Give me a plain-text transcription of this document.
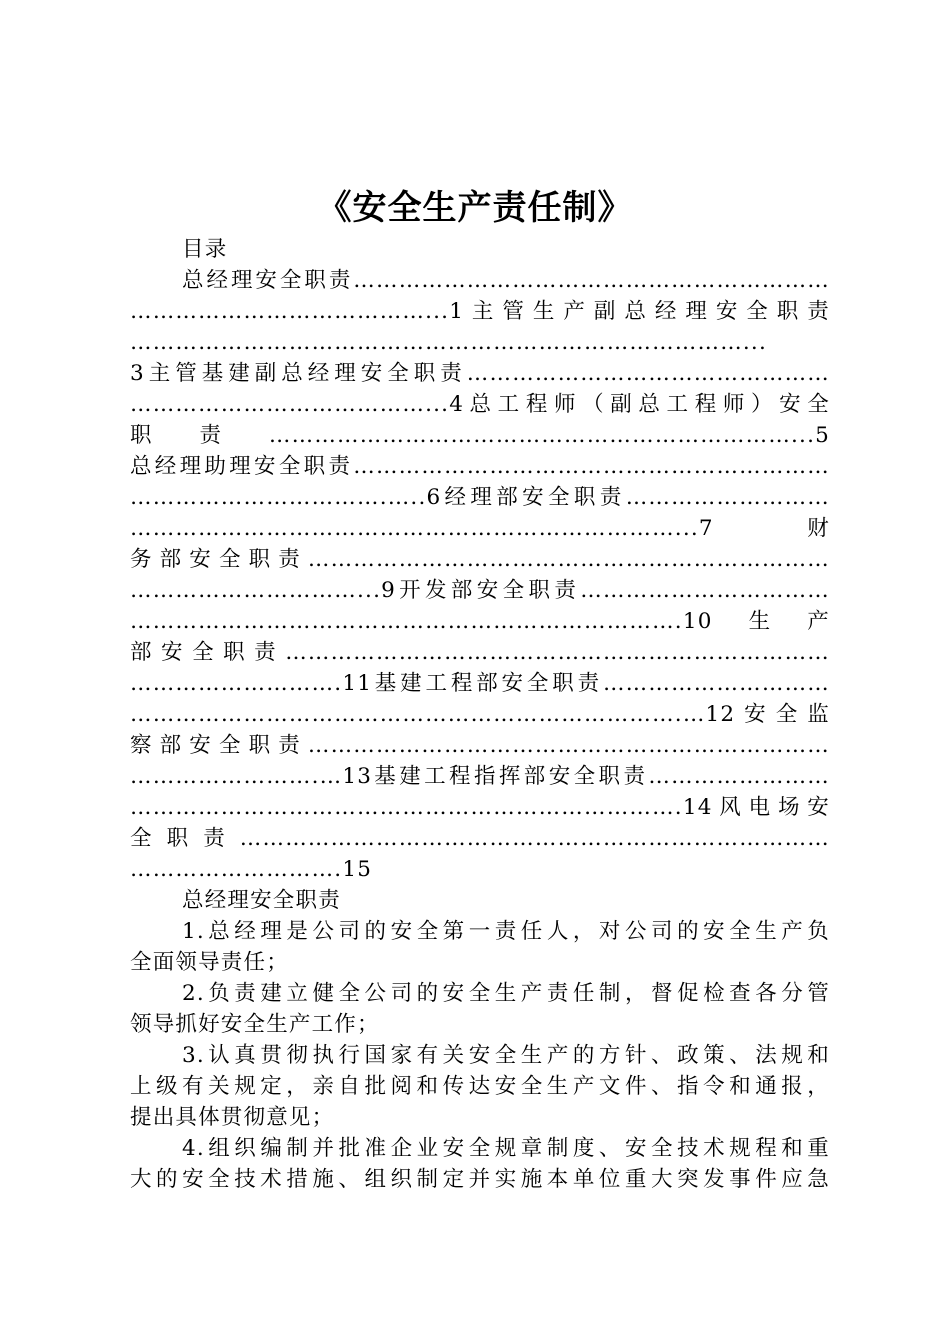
《安全生产责任制》
目录
总经理安全职责………………………………………………………
…………………………………...1主管生产副总经理安全职责
………………………………………………………………………...
3主管基建副总经理安全职责…………………………………………
…………………………………...4总工程师（副总工程师）安全
职责……………………………………………………………...5
总经理助理安全职责………………………………………………………
…………………………….…..6经理部安全职责………………………
………………………………………………………………...7财
务部安全职责……………………………………………………………
…………………………...9开发部安全职责……………………………
……………………………………………………………….10生产
部安全职责………………………………………………………………
……………………….11基建工程部安全职责…………………………
……………………………………………………………….…12安全监
察部安全职责……………………………………………………………
…………………….…13基建工程指挥部安全职责……………………
……………………………………………………………….14风电场安
全职责……………………………………………………………………
……………………….15
总经理安全职责
1.总经理是公司的安全第一责任人，对公司的安全生产负
全面领导责任；
2.负责建立健全公司的安全生产责任制，督促检查各分管
领导抓好安全生产工作；
3.认真贯彻执行国家有关安全生产的方针、政策、法规和
上级有关规定，亲自批阅和传达安全生产文件、指令和通报，
提出具体贯彻意见；
4.组织编制并批准企业安全规章制度、安全技术规程和重
大的安全技术措施、组织制定并实施本单位重大突发事件应急
